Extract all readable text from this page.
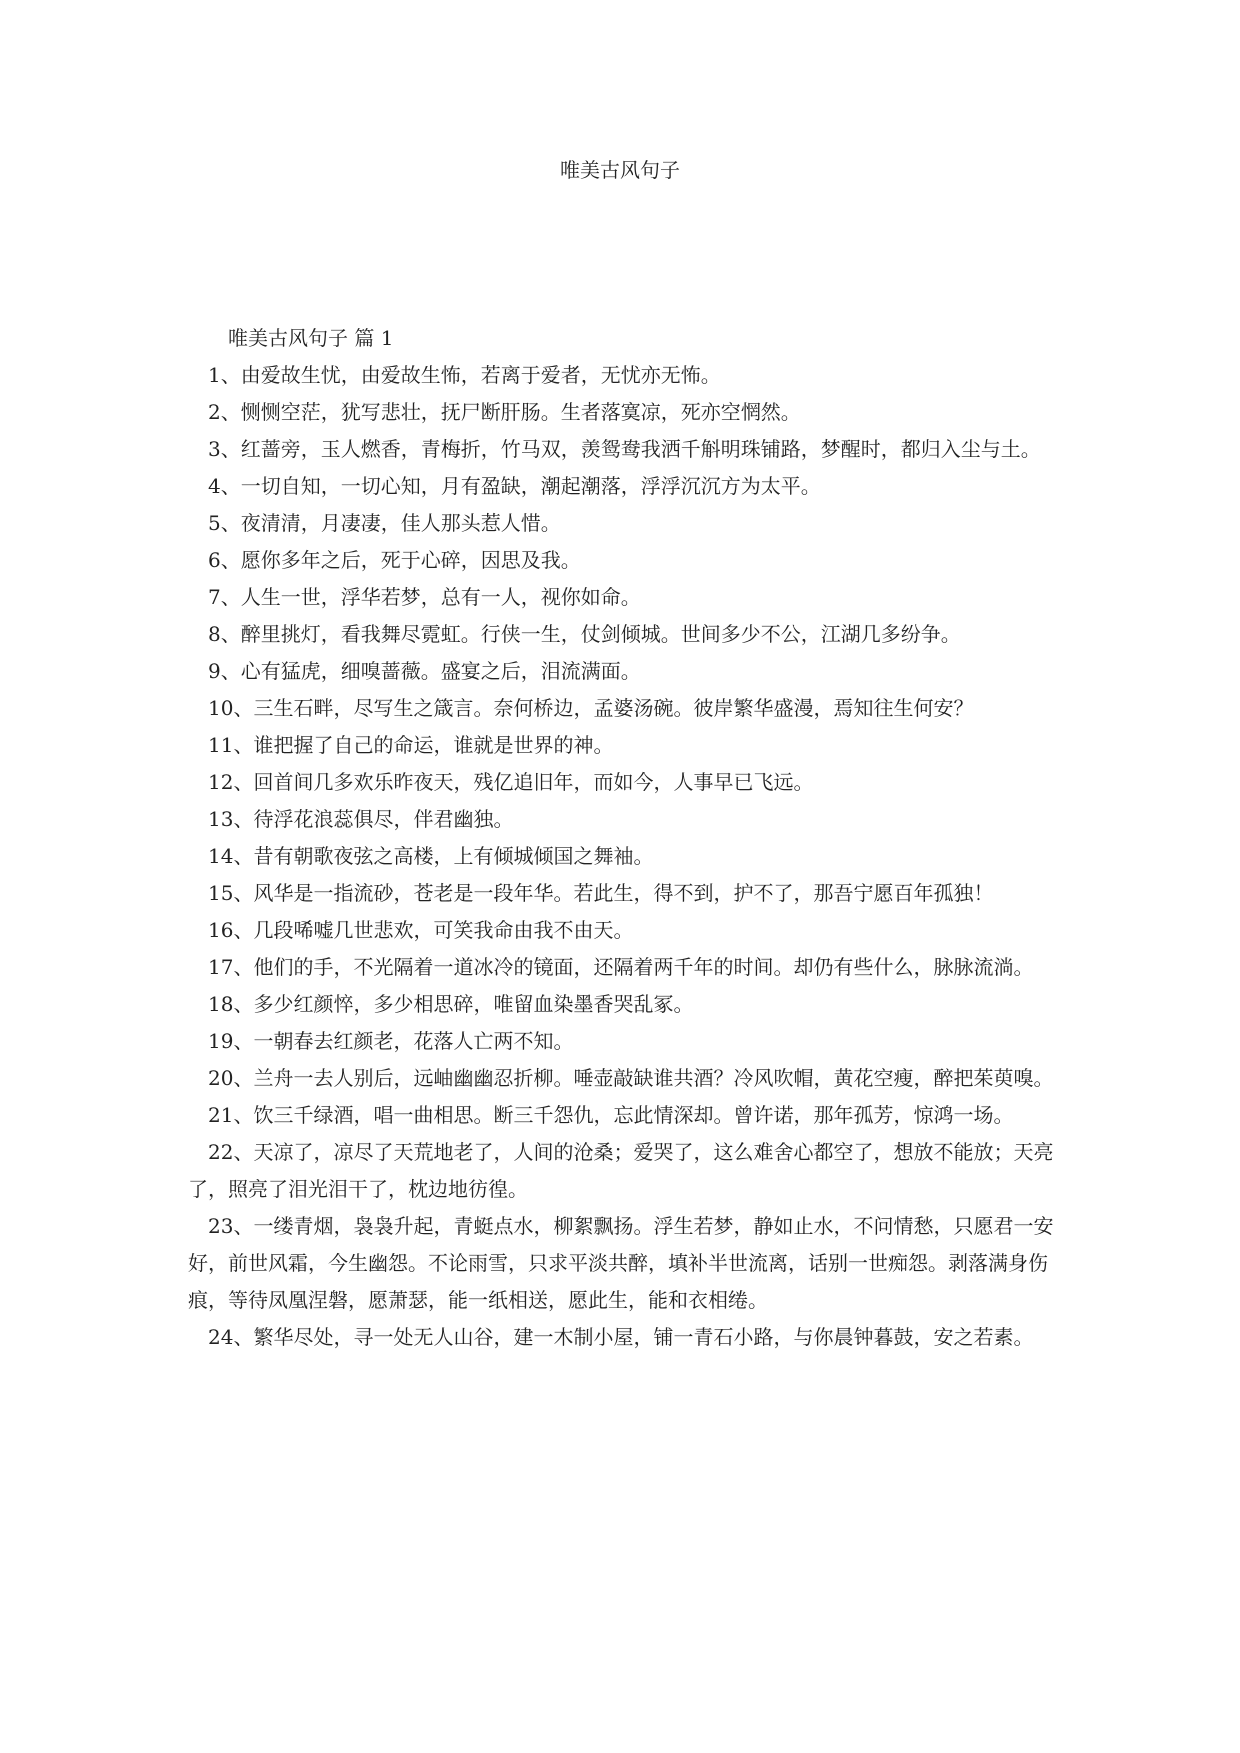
唯美古风句子

唯美古风句子 篇 1

1、由爱故生忧，由爱故生怖，若离于爱者，无忧亦无怖。

2、恻恻空茫，犹写悲壮，抚尸断肝肠。生者落寞凉，死亦空惘然。

3、红蔷旁，玉人燃香，青梅折，竹马双，羡鸳鸯我洒千斛明珠铺路，梦醒时，都归入尘与土。

4、一切自知，一切心知，月有盈缺，潮起潮落，浮浮沉沉方为太平。

5、夜清清，月凄凄，佳人那头惹人惜。

6、愿你多年之后，死于心碎，因思及我。

7、人生一世，浮华若梦，总有一人，视你如命。

8、醉里挑灯，看我舞尽霓虹。行侠一生，仗剑倾城。世间多少不公，江湖几多纷争。

9、心有猛虎，细嗅蔷薇。盛宴之后，泪流满面。

10、三生石畔，尽写生之箴言。奈何桥边，孟婆汤碗。彼岸繁华盛漫，焉知往生何安？

11、谁把握了自己的命运，谁就是世界的神。

12、回首间几多欢乐昨夜天，残亿追旧年，而如今，人事早已飞远。

13、待浮花浪蕊俱尽，伴君幽独。

14、昔有朝歌夜弦之高楼，上有倾城倾国之舞袖。

15、风华是一指流砂，苍老是一段年华。若此生，得不到，护不了，那吾宁愿百年孤独！

16、几段唏嘘几世悲欢，可笑我命由我不由天。

17、他们的手，不光隔着一道冰冷的镜面，还隔着两千年的时间。却仍有些什么，脉脉流淌。

18、多少红颜悴，多少相思碎，唯留血染墨香哭乱冢。

19、一朝春去红颜老，花落人亡两不知。

20、兰舟一去人别后，远岫幽幽忍折柳。唾壶敲缺谁共酒？冷风吹帽，黄花空瘦，醉把茱萸嗅。

21、饮三千绿酒，唱一曲相思。断三千怨仇，忘此情深却。曾许诺，那年孤芳，惊鸿一场。

22、天凉了，凉尽了天荒地老了，人间的沧桑；爱哭了，这么难舍心都空了，想放不能放；天亮了，照亮了泪光泪干了，枕边地彷徨。

23、一缕青烟，袅袅升起，青蜓点水，柳絮飘扬。浮生若梦，静如止水，不问情愁，只愿君一安好，前世风霜，今生幽怨。不论雨雪，只求平淡共醉，填补半世流离，话别一世痴怨。剥落满身伤痕，等待凤凰涅磐，愿萧瑟，能一纸相送，愿此生，能和衣相绻。

24、繁华尽处，寻一处无人山谷，建一木制小屋，铺一青石小路，与你晨钟暮鼓，安之若素。
